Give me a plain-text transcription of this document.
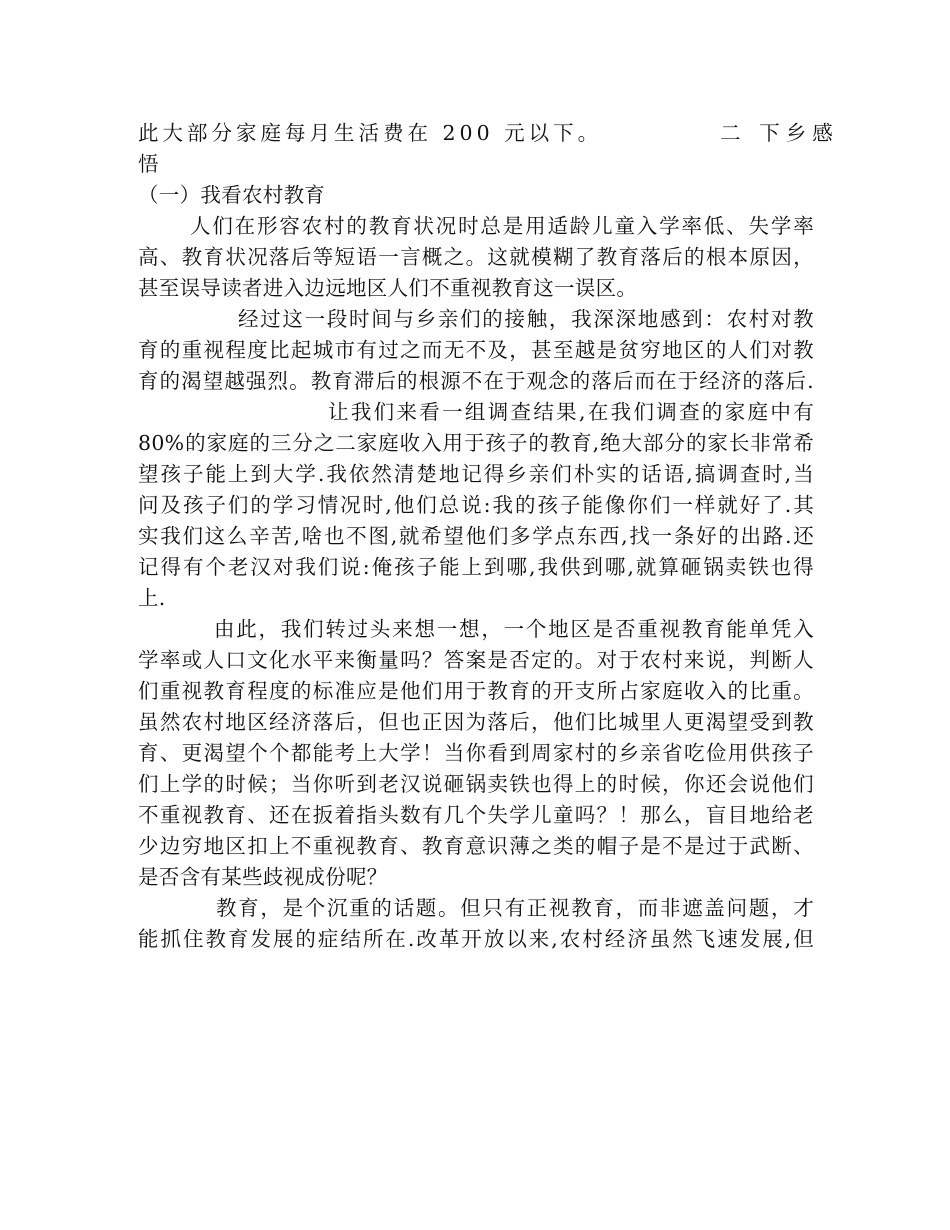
此大部分家庭每月生活费在 200 元以下。	二 下乡感
悟
（一）我看农村教育
人们在形容农村的教育状况时总是用适龄儿童入学率低、失学率
高、教育状况落后等短语一言概之。这就模糊了教育落后的根本原因，
甚至误导读者进入边远地区人们不重视教育这一误区。
经过这一段时间与乡亲们的接触，我深深地感到：农村对教
育的重视程度比起城市有过之而无不及，甚至越是贫穷地区的人们对教
育的渴望越强烈。教育滞后的根源不在于观念的落后而在于经济的落后.
让我们来看一组调查结果,在我们调查的家庭中有
80%的家庭的三分之二家庭收入用于孩子的教育,绝大部分的家长非常希
望孩子能上到大学.我依然清楚地记得乡亲们朴实的话语,搞调查时,当
问及孩子们的学习情况时,他们总说:我的孩子能像你们一样就好了.其
实我们这么辛苦,啥也不图,就希望他们多学点东西,找一条好的出路.还
记得有个老汉对我们说:俺孩子能上到哪,我供到哪,就算砸锅卖铁也得
上.
由此，我们转过头来想一想，一个地区是否重视教育能单凭入
学率或人口文化水平来衡量吗？答案是否定的。对于农村来说，判断人
们重视教育程度的标准应是他们用于教育的开支所占家庭收入的比重。
虽然农村地区经济落后，但也正因为落后，他们比城里人更渴望受到教
育、更渴望个个都能考上大学！当你看到周家村的乡亲省吃俭用供孩子
们上学的时候；当你听到老汉说砸锅卖铁也得上的时候，你还会说他们
不重视教育、还在扳着指头数有几个失学儿童吗？！那么，盲目地给老
少边穷地区扣上不重视教育、教育意识薄之类的帽子是不是过于武断、
是否含有某些歧视成份呢？
教育，是个沉重的话题。但只有正视教育，而非遮盖问题，才
能抓住教育发展的症结所在.改革开放以来,农村经济虽然飞速发展,但
